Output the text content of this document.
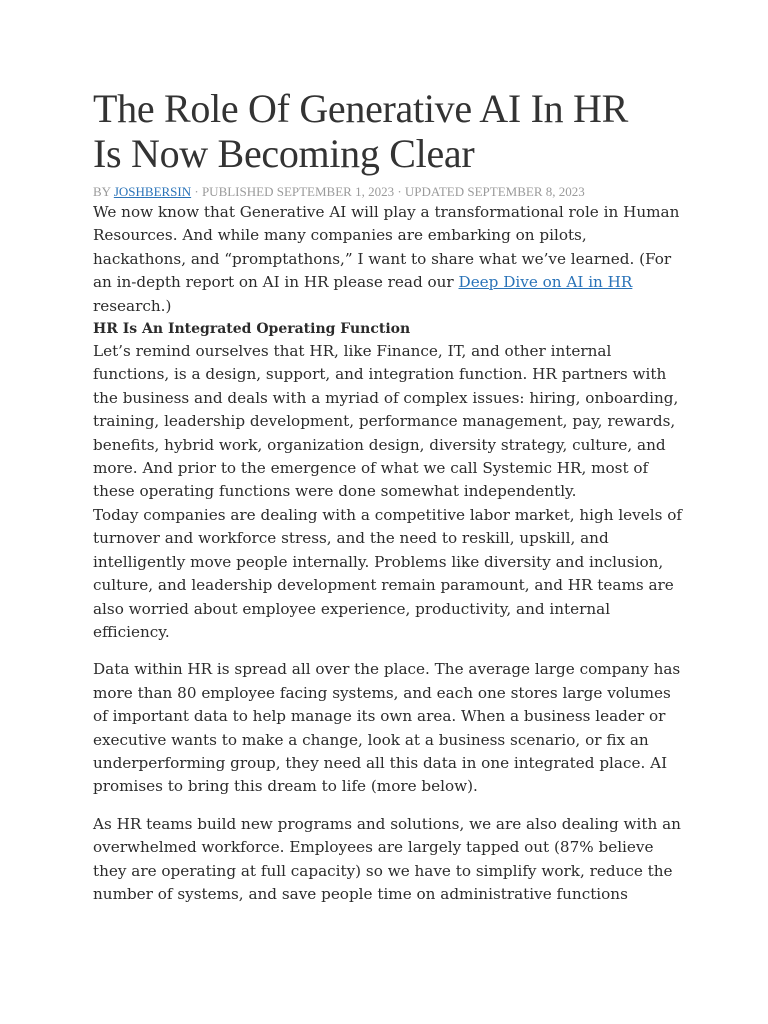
The Role Of Generative AI In HR
Is Now Becoming Clear
BY JOSHBERSIN · PUBLISHED SEPTEMBER 1, 2023 · UPDATED SEPTEMBER 8, 2023

We now know that Generative AI will play a transformational role in Human Resources. And while many companies are embarking on pilots, hackathons, and “promptathons,” I want to share what we’ve learned. (For an in-depth report on AI in HR please read our Deep Dive on AI in HR research.)

HR Is An Integrated Operating Function

Let’s remind ourselves that HR, like Finance, IT, and other internal functions, is a design, support, and integration function. HR partners with the business and deals with a myriad of complex issues: hiring, onboarding, training, leadership development, performance management, pay, rewards, benefits, hybrid work, organization design, diversity strategy, culture, and more. And prior to the emergence of what we call Systemic HR, most of these operating functions were done somewhat independently.

Today companies are dealing with a competitive labor market, high levels of turnover and workforce stress, and the need to reskill, upskill, and intelligently move people internally. Problems like diversity and inclusion, culture, and leadership development remain paramount, and HR teams are also worried about employee experience, productivity, and internal efficiency.

Data within HR is spread all over the place. The average large company has more than 80 employee facing systems, and each one stores large volumes of important data to help manage its own area. When a business leader or executive wants to make a change, look at a business scenario, or fix an underperforming group, they need all this data in one integrated place. AI promises to bring this dream to life (more below).

As HR teams build new programs and solutions, we are also dealing with an overwhelmed workforce. Employees are largely tapped out (87% believe they are operating at full capacity) so we have to simplify work, reduce the number of systems, and save people time on administrative functions
